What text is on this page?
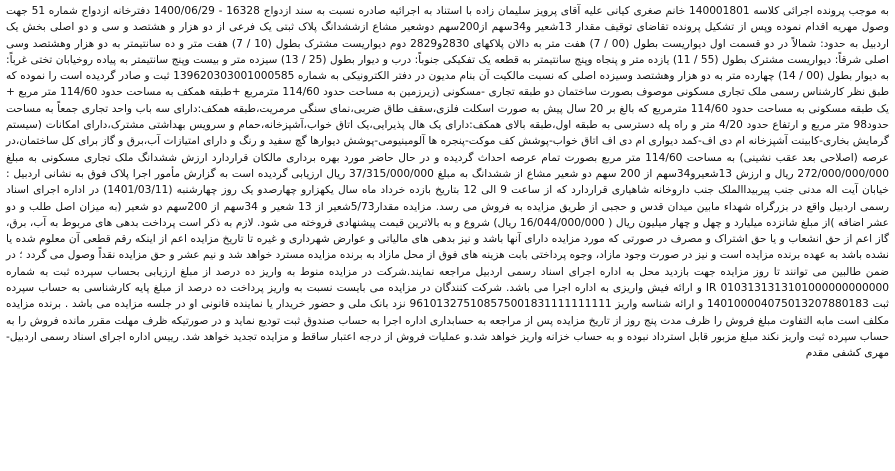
به موجب پرونده اجرائی کلاسه 140001801 خانم صغری کیانی علیه آقای پرویز سلیمان زاده با استناد به اجرائیه صادره نسبت به سند ازدواج 16328 - 1400/06/29 دفترخانه ازدواج شماره 51 جهت وصول مهریه اقدام نموده وپس از تشکیل پرونده تقاضای توقیف مقدار 13شعیر و34سهم از200سهم دوشعیر مشاع ازششدانگ پلاک ثبتی یک فرعی از دو هزار و هشتصد و سی و دو اصلی بخش یک اردبیل به حدود: شمالاً در دو قسمت اول دیواریست بطول (00 / 7) هفت متر به دالان پلاکهای 2830و2829 دوم دیواریست مشترک بطول (10 / 7) هفت متر و ده سانتیمتر به دو هزار وهشتصد وسی اصلی شرقاً: دیواریست مشترک بطول (55 / 11) یازده متر و پنجاه وپنج سانتیمتر به قطعه یک تفکیکی جنوباً: درب و دیوار بطول (25 / 13) سیزده متر و بیست وپنج سانتیمتر به پیاده روخیابان تختی غرباً: به دیوار بطول (00 / 14) چهارده متر به دو هزار وهشتصد وسیزده اصلی که نسبت مالکیت آن بنام مدیون در دفتر الکترونیکی به شماره 139620303001000585 ثبت و صادر گردیده است را نموده که طبق نظر کارشناس رسمی ملک تجاری مسکونی موصوف بصورت ساختمان دو طبقه تجاری -مسکونی (زیرزمین به مساحت حدود 114/60 مترمربع +طبقه همکف به مساحت حدود 114/60 متر مربع + یک طبقه مسکونی به مساحت حدود 114/60 مترمربع که بالغ بر 20 سال پیش به صورت اسکلت فلزی،سقف طاق ضربی،نمای سنگی مرمریت،طبقه همکف:دارای سه باب واحد تجاری جمعاً به مساحت حدود98 متر مربع و ارتفاع حدود 4/20 متر و راه پله دسترسی به طبقه اول،طبقه بالای همکف:دارای یک هال پذیرایی،یک اتاق خواب،آشپزخانه،حمام و سرویس بهداشتی مشترک،دارای امکانات (سیستم گرمایش بخاری-کابینت آشپزخانه ام دی اف-کمد دیواری ام دی اف اتاق خواب-پوشش کف موکت-پنجره ها آلومینیومی-پوشش دیوارها گچ سفید و رنگ و دارای امتیازات آب،برق و گاز برای کل ساختمان،در عرصه (اصلاحی بعد عقب نشینی) به مساحت 114/60 متر مربع بصورت تمام عرصه احداث گردیده و در حال حاضر مورد بهره برداری مالکان قراردارد ارزش ششدانگ ملک تجاری مسکونی به مبلغ 272/000/000/000 ریال و ارزش 13شعیرو34سهم از 200 سهم دو شعیر مشاع از ششدانگ به مبلغ 37/315/000/000 ریال ارزیابی گردیده است به گزارش مأمور اجرا پلاک فوق به نشانی اردبیل : خیابان آیت اله مدنی جنب پیربیداالملک جنب داروخانه شاهیاری قراردارد که از ساعت 9 الی 12 بتاریخ بازده خرداد ماه سال یکهزارو چهارصدو یک روز چهارشنبه (1401/03/11) در اداره اجرای اسناد رسمی اردبیل واقع در بزرگراه شهداء مابین میدان قدس و حجبی از طریق مزایده به فروش می رسد. مزایده مقدار5/73شعیر از 13 شعیر و 34سهم از 200سهم دو شعیر (به میزان اصل طلب و دو عشر اضافه )از مبلغ شانزده میلیارد و چهل و چهار میلیون ریال ( 16/044/000/000 ریال) شروع و به بالاترین قیمت پیشنهادی فروخته می شود. لازم به ذکر است پرداخت بدهی های مربوط به آب، برق، گاز اعم از حق انشعاب و یا حق اشتراک و مصرف در صورتی که مورد مزایده دارای آنها باشد و نیز بدهی های مالیاتی و عوارض شهرداری و غیره تا تاریخ مزایده اعم از اینکه رقم قطعی آن معلوم شده یا نشده باشد به عهده برنده مزایده است و نیز در صورت وجود مازاد، وجوه پرداختی بابت هزینه های فوق از محل مازاد به برنده مزایده مسترد خواهد شد و نیم عشر و حق مزایده نقداً وصول می گردد ؛ در ضمن طالبین می توانند تا روز مزایده جهت بازدید محل به اداره اجرای اسناد رسمی اردبیل مراجعه نمایند.شرکت در مزایده منوط به واریز ده درصد از مبلغ ارزیابی بحساب سپرده ثبت به شماره 0103131313101000000000000 IR و ارائه فیش واریزی به اداره اجرا می باشد. شرکت کنندگان در مزایده می بایست نسبت به واریز پرداخت ده درصد از مبلغ پایه کارشناسی به حساب سپرده ثبت 140100004075013207880183 و ارائه شناسه واریز 961013275108575001831111111111 نزد بانک ملی و حضور خریدار یا نماینده قانونی او در جلسه مزایده می باشد . برنده مزایده مکلف است مابه التفاوت مبلغ فروش را ظرف مدت پنج روز از تاریخ مزایده پس از مراجعه به حسابداری اداره اجرا به حساب صندوق ثبت تودیع نماید و در صورتیکه ظرف مهلت مقرر مانده فروش را به حساب سپرده ثبت واریز نکند مبلغ مزبور قابل استرداد نبوده و به حساب خزانه واریز خواهد شد.و عملیات فروش از درجه اعتبار ساقط و مزایده تجدید خواهد شد. رییس اداره اجرای اسناد رسمی اردبیل-مهری کشفی مقدم
